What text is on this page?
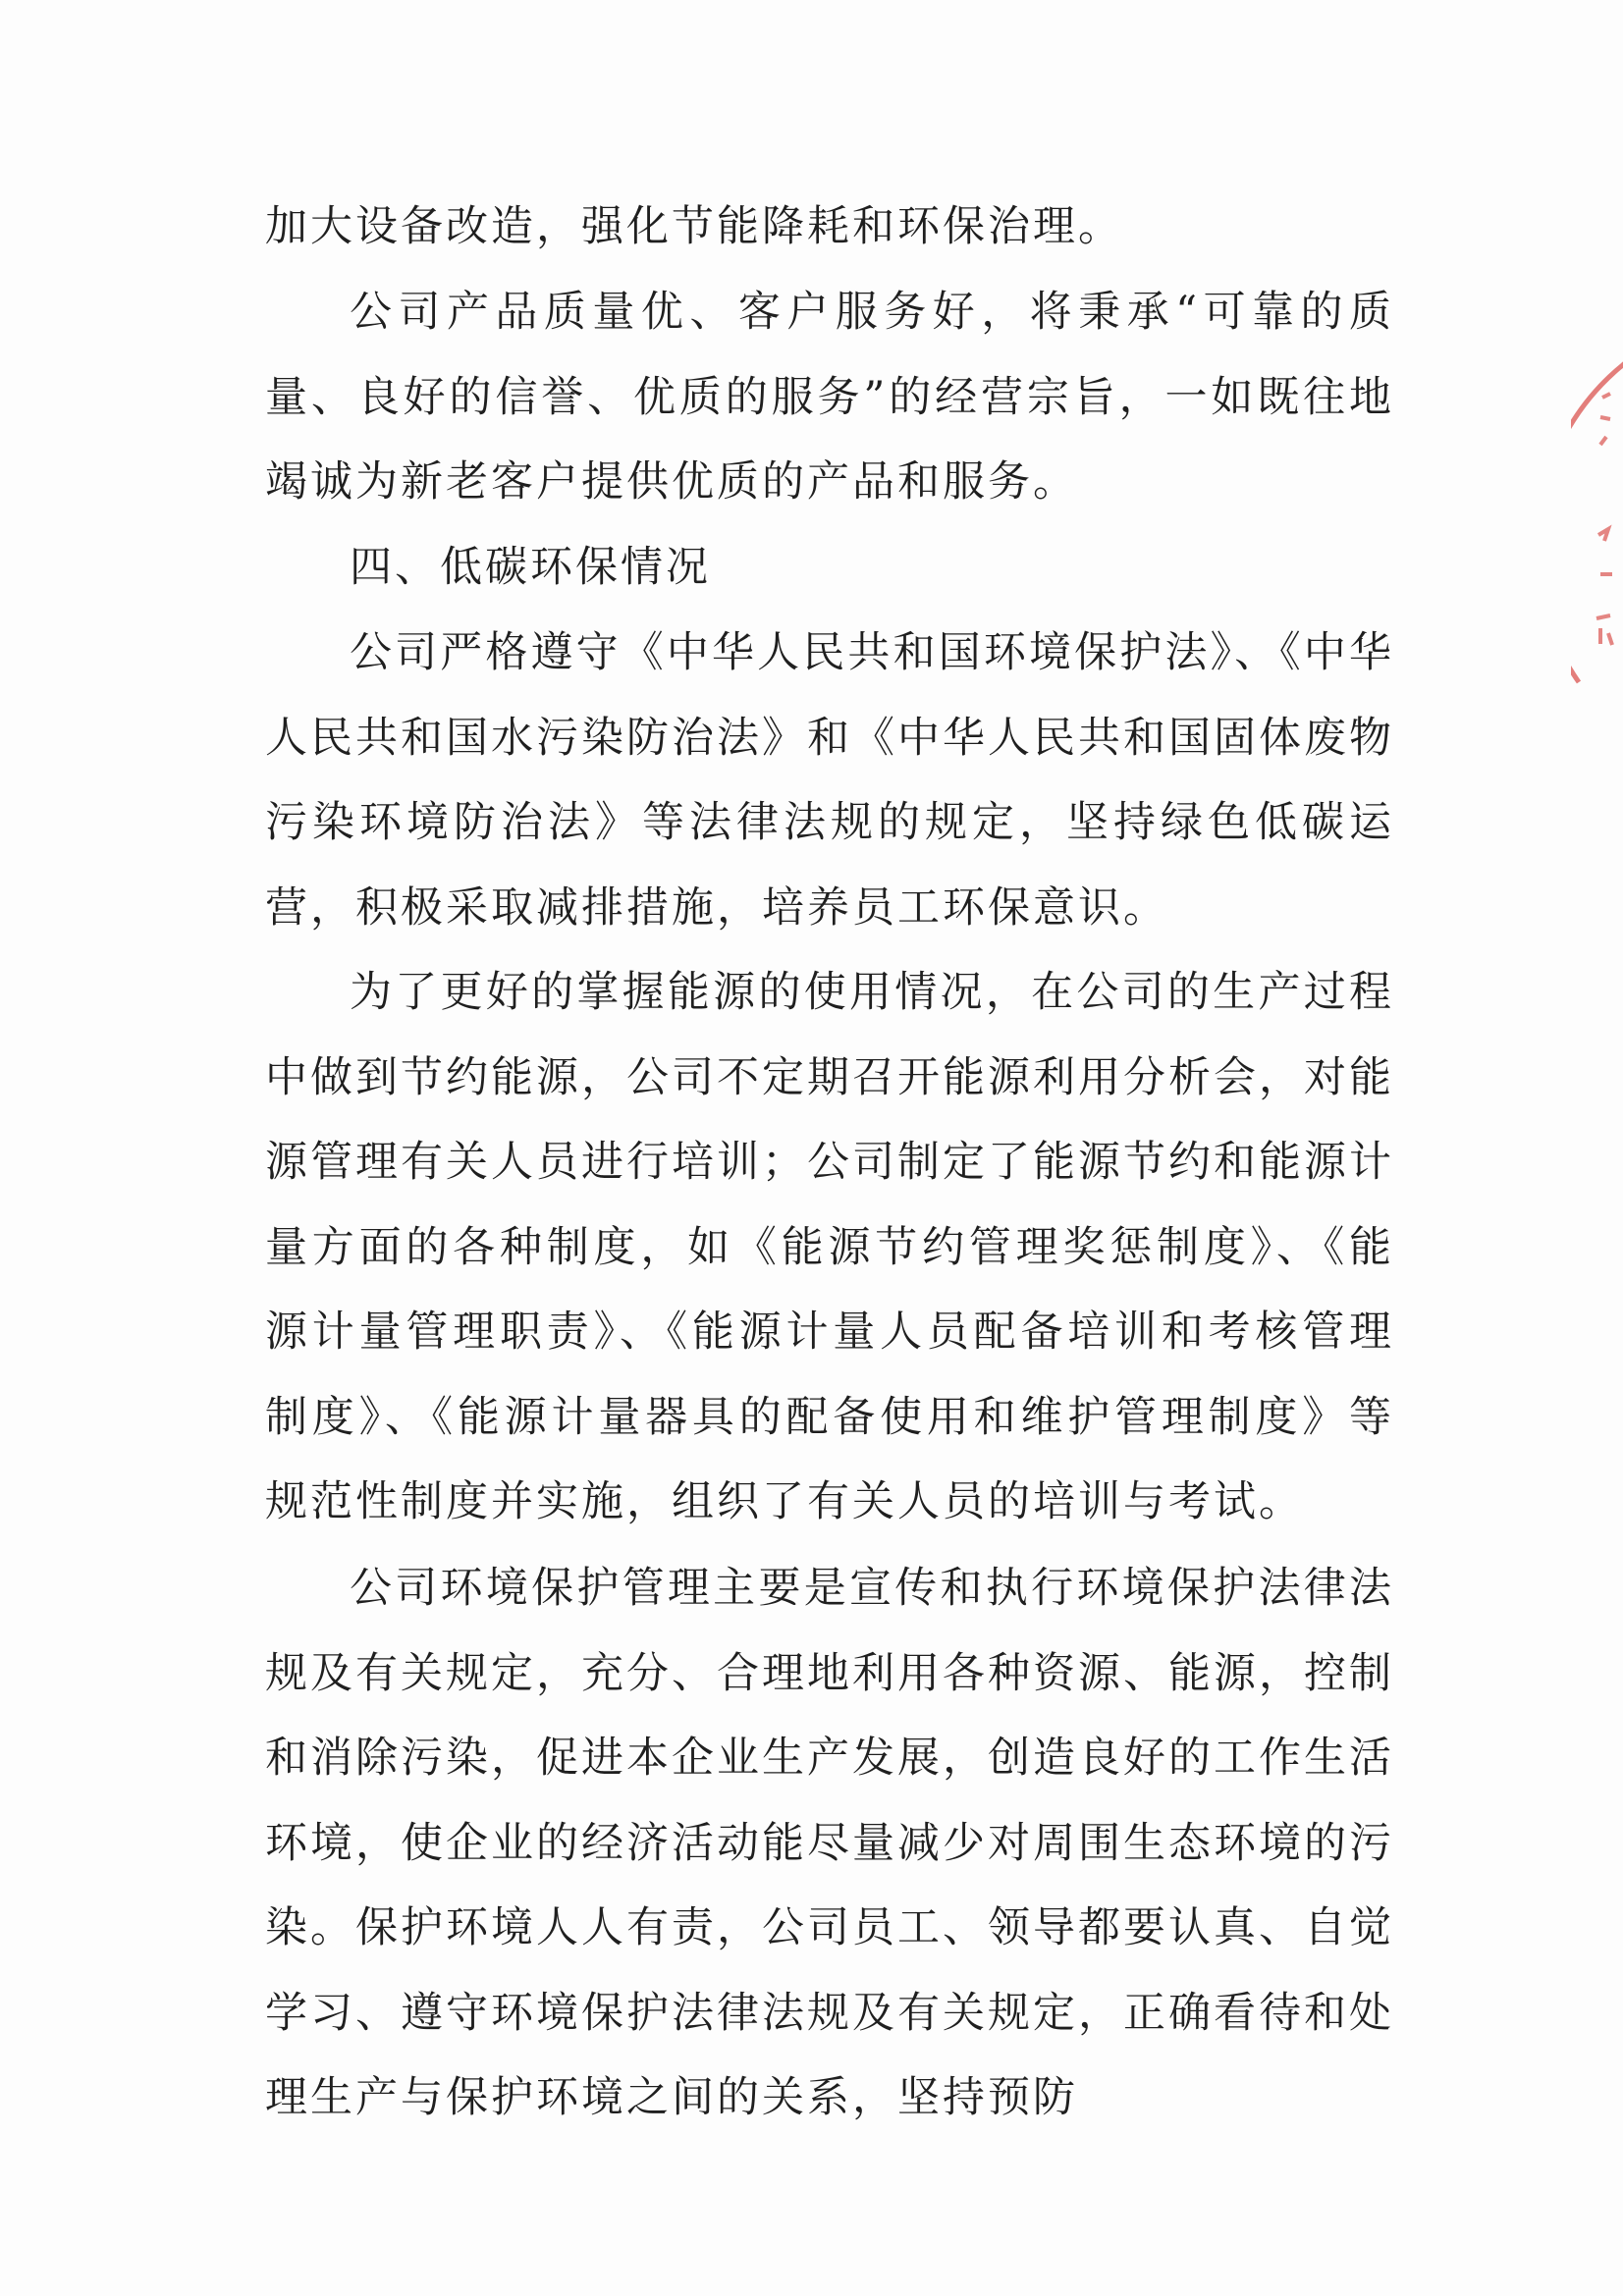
加大设备改造，强化节能降耗和环保治理。

公司产品质量优、客户服务好，将秉承“可靠的质量、良好的信誉、优质的服务”的经营宗旨，一如既往地竭诚为新老客户提供优质的产品和服务。

四、低碳环保情况

公司严格遵守《中华人民共和国环境保护法》、《中华人民共和国水污染防治法》和《中华人民共和国固体废物污染环境防治法》等法律法规的规定，坚持绿色低碳运营，积极采取减排措施，培养员工环保意识。

为了更好的掌握能源的使用情况，在公司的生产过程中做到节约能源，公司不定期召开能源利用分析会，对能源管理有关人员进行培训；公司制定了能源节约和能源计量方面的各种制度，如《能源节约管理奖惩制度》、《能源计量管理职责》、《能源计量人员配备培训和考核管理制度》、《能源计量器具的配备使用和维护管理制度》等规范性制度并实施，组织了有关人员的培训与考试。

公司环境保护管理主要是宣传和执行环境保护法律法规及有关规定，充分、合理地利用各种资源、能源，控制和消除污染，促进本企业生产发展，创造良好的工作生活环境，使企业的经济活动能尽量减少对周围生态环境的污染。保护环境人人有责，公司员工、领导都要认真、自觉学习、遵守环境保护法律法规及有关规定，正确看待和处理生产与保护环境之间的关系，坚持预防
